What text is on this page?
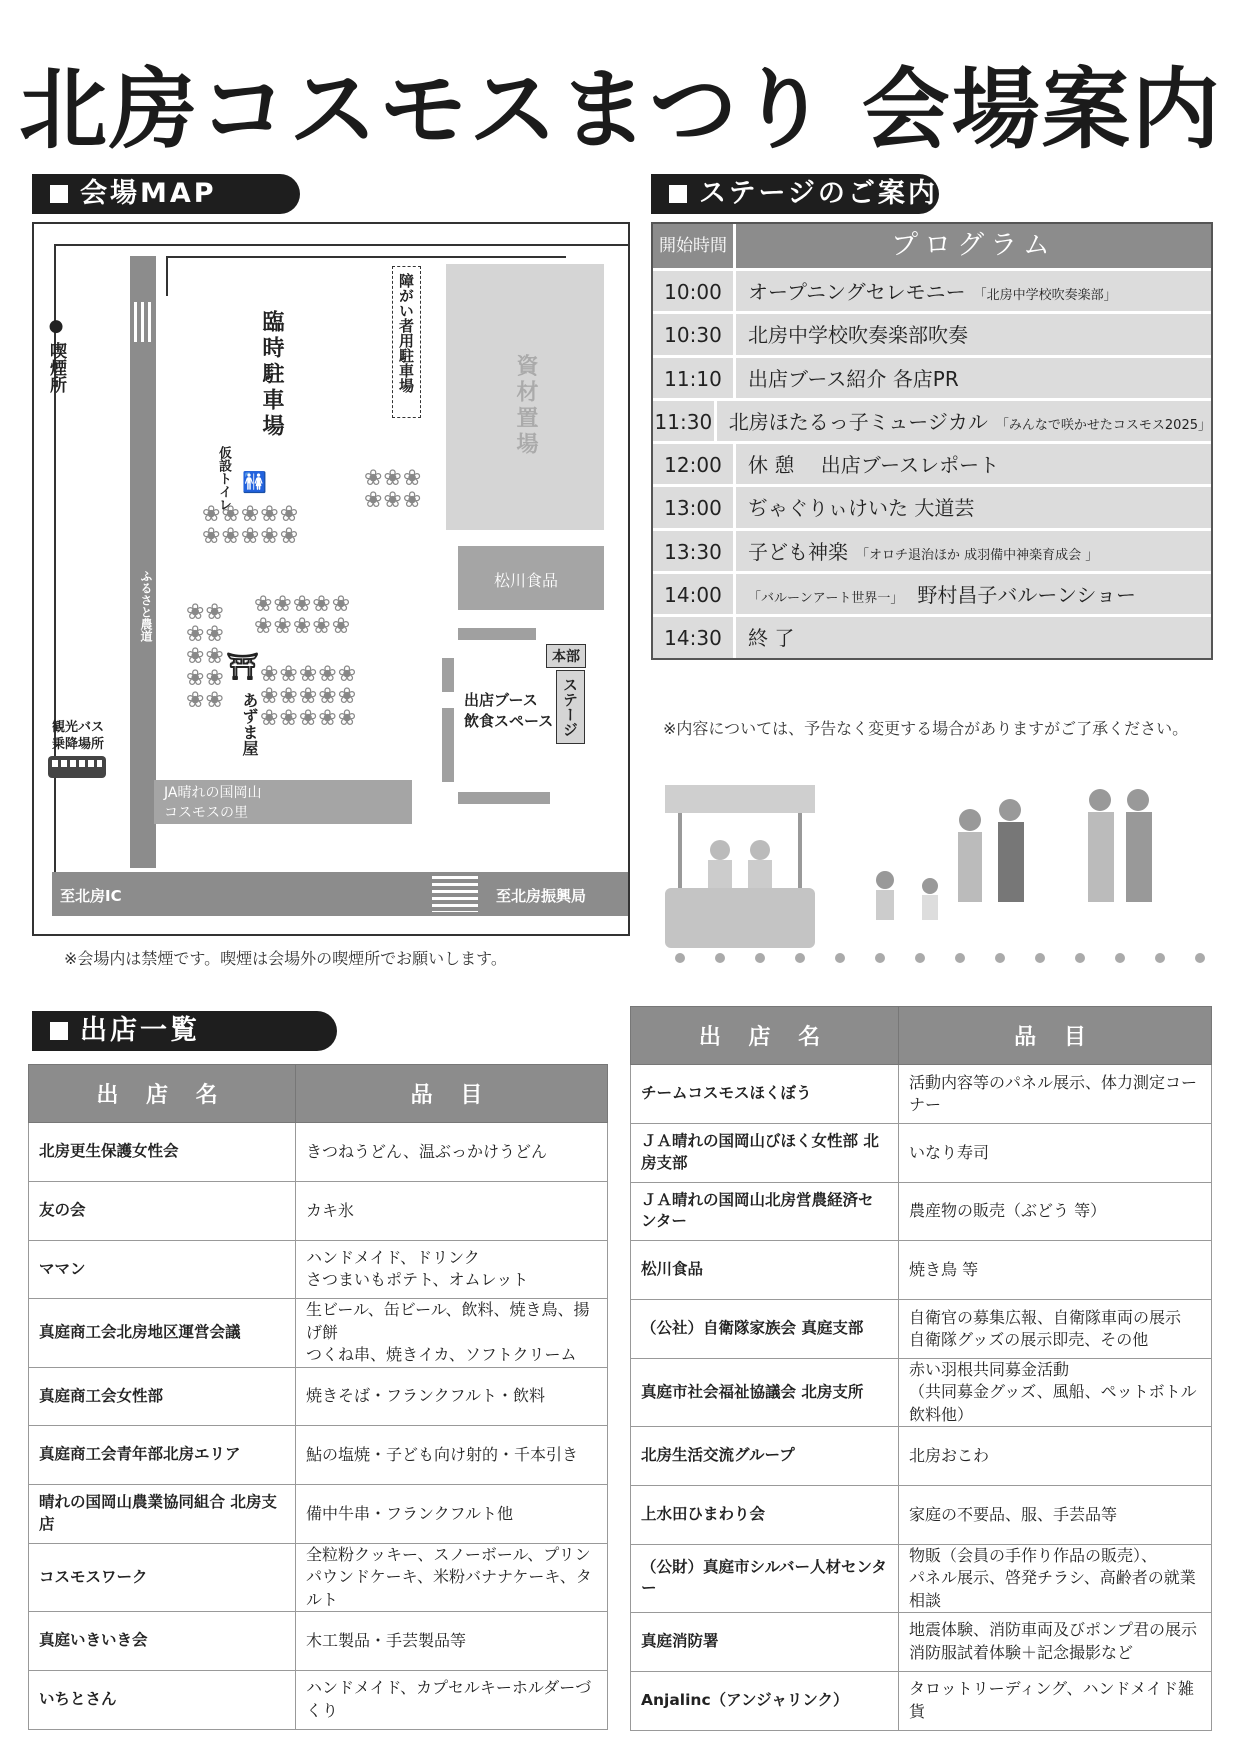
北房コスモスまつり 会場案内
会場MAP	ステージのご案内
出店一覧
● 喫煙所	臨時駐車場	障がい者用駐車場
資材置場
仮設トイレ 🚻	❀❀❀
❀❀❀
❀❀❀❀❀
❀❀❀❀❀
❀❀
❀❀
❀❀
❀❀
❀❀
❀❀❀❀❀
❀❀❀❀❀
❀❀❀❀❀
❀❀❀❀❀
❀❀❀❀❀
⛩
あずま屋
松川食品
本部
ステージ
出店ブース
飲食スペース
ふるさと農道
観光バス
乗降場所
JA晴れの国岡山
コスモスの里
至北房IC	至北房振興局
※会場内は禁煙です。喫煙は会場外の喫煙所でお願いします。
開始時間	プログラム
10:00	オープニングセレモニー 「北房中学校吹奏楽部」
10:30	北房中学校吹奏楽部吹奏
11:10	出店ブース紹介 各店PR
11:30 北房ほたるっ子ミュージカル 「みんなで咲かせたコスモス2025」
12:00	休 憩　 出店ブースレポート
13:00	ぢゃぐりぃけいた 大道芸
13:30	子ども神楽 「オロチ退治ほか 成羽備中神楽育成会 」
14:00	「バルーンアート世界一」 野村昌子バルーンショー
14:30	終 了
※内容については、予告なく変更する場合がありますがご了承ください。
出 店 名	品 目
北房更生保護女性会	きつねうどん、温ぶっかけうどん
友の会	カキ氷
ママン	ハンドメイド、ドリンク
さつまいもポテト、オムレット
真庭商工会北房地区運営会議	生ビール、缶ビール、飲料、焼き鳥、揚げ餅
つくね串、焼きイカ、ソフトクリーム
真庭商工会女性部	焼きそば・フランクフルト・飲料
真庭商工会青年部北房エリア	鮎の塩焼・子ども向け射的・千本引き
晴れの国岡山農業協同組合 北房支店	備中牛串・フランクフルト他
コスモスワーク	全粒粉クッキー、スノーボール、プリン
パウンドケーキ、米粉バナナケーキ、タルト
真庭いきいき会	木工製品・手芸製品等
いちとさん	ハンドメイド、カプセルキーホルダーづくり
出 店 名	品 目
チームコスモスほくぼう	活動内容等のパネル展示、体力測定コーナー
ＪＡ晴れの国岡山びほく女性部 北房支部	いなり寿司
ＪＡ晴れの国岡山北房営農経済センター	農産物の販売（ぶどう 等）
松川食品	焼き鳥 等
（公社）自衛隊家族会 真庭支部	自衛官の募集広報、自衛隊車両の展示
自衛隊グッズの展示即売、その他
真庭市社会福祉協議会 北房支所	赤い羽根共同募金活動
（共同募金グッズ、風船、ペットボトル飲料他）
北房生活交流グループ	北房おこわ
上水田ひまわり会	家庭の不要品、服、手芸品等
（公財）真庭市シルバー人材センター	物販（会員の手作り作品の販売）、
パネル展示、啓発チラシ、高齢者の就業相談
真庭消防署	地震体験、消防車両及びポンプ君の展示
消防服試着体験＋記念撮影など
Anjalinc（アンジャリンク）	タロットリーディング、ハンドメイド雑貨
